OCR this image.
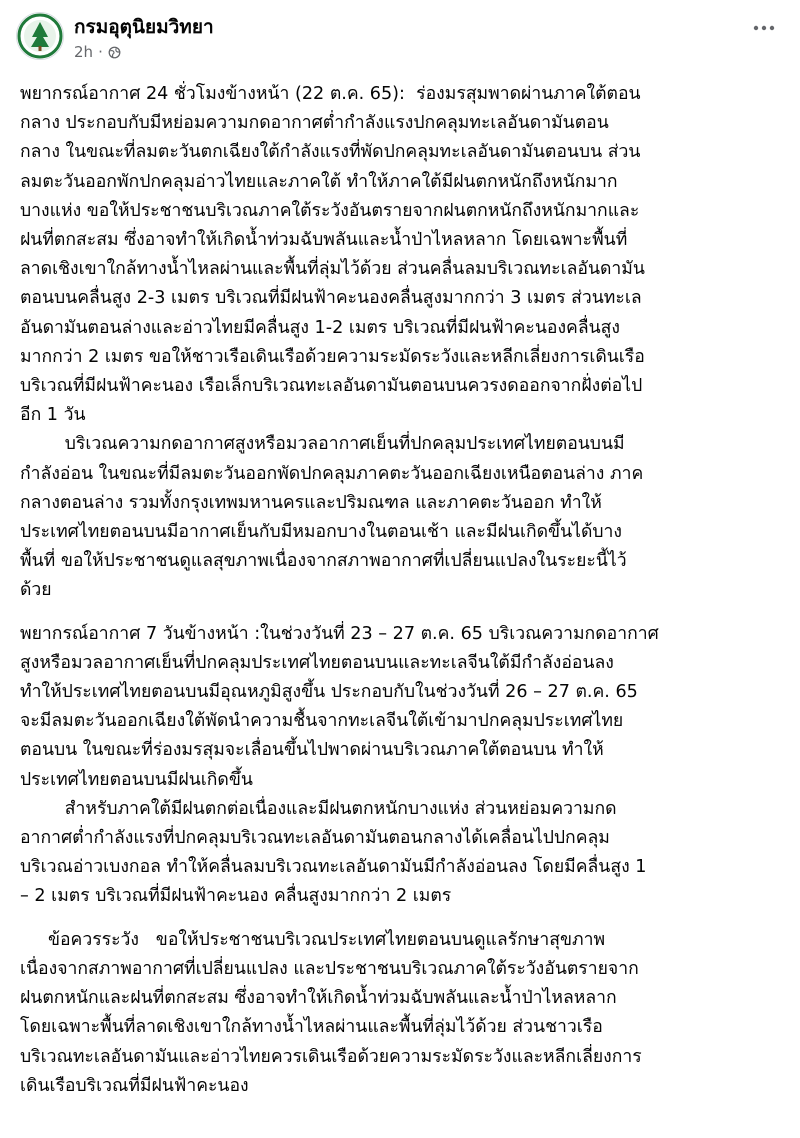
กรมอุตุนิยมวิทยา
2h ·
พยากรณ์อากาศ 24 ชั่วโมงข้างหน้า (22 ต.ค. 65):  ร่องมรสุมพาดผ่านภาคใต้ตอน
กลาง ประกอบกับมีหย่อมความกดอากาศต่ำกำลังแรงปกคลุมทะเลอันดามันตอน
กลาง ในขณะที่ลมตะวันตกเฉียงใต้กำลังแรงที่พัดปกคลุมทะเลอันดามันตอนบน ส่วน
ลมตะวันออกพักปกคลุมอ่าวไทยและภาคใต้ ทำให้ภาคใต้มีฝนตกหนักถึงหนักมาก
บางแห่ง ขอให้ประชาชนบริเวณภาคใต้ระวังอันตรายจากฝนตกหนักถึงหนักมากและ
ฝนที่ตกสะสม ซึ่งอาจทำให้เกิดน้ำท่วมฉับพลันและน้ำป่าไหลหลาก โดยเฉพาะพื้นที่
ลาดเชิงเขาใกล้ทางน้ำไหลผ่านและพื้นที่ลุ่มไว้ด้วย ส่วนคลื่นลมบริเวณทะเลอันดามัน
ตอนบนคลื่นสูง 2-3 เมตร บริเวณที่มีฝนฟ้าคะนองคลื่นสูงมากกว่า 3 เมตร ส่วนทะเล
อันดามันตอนล่างและอ่าวไทยมีคลื่นสูง 1-2 เมตร บริเวณที่มีฝนฟ้าคะนองคลื่นสูง
มากกว่า 2 เมตร ขอให้ชาวเรือเดินเรือด้วยความระมัดระวังและหลีกเลี่ยงการเดินเรือ
บริเวณที่มีฝนฟ้าคะนอง เรือเล็กบริเวณทะเลอันดามันตอนบนควรงดออกจากฝั่งต่อไป
อีก 1 วัน
บริเวณความกดอากาศสูงหรือมวลอากาศเย็นที่ปกคลุมประเทศไทยตอนบนมี
กำลังอ่อน ในขณะที่มีลมตะวันออกพัดปกคลุมภาคตะวันออกเฉียงเหนือตอนล่าง ภาค
กลางตอนล่าง รวมทั้งกรุงเทพมหานครและปริมณฑล และภาคตะวันออก ทำให้
ประเทศไทยตอนบนมีอากาศเย็นกับมีหมอกบางในตอนเช้า และมีฝนเกิดขึ้นได้บาง
พื้นที่ ขอให้ประชาชนดูแลสุขภาพเนื่องจากสภาพอากาศที่เปลี่ยนแปลงในระยะนี้ไว้
ด้วย
พยากรณ์อากาศ 7 วันข้างหน้า :ในช่วงวันที่ 23 – 27 ต.ค. 65 บริเวณความกดอากาศ
สูงหรือมวลอากาศเย็นที่ปกคลุมประเทศไทยตอนบนและทะเลจีนใต้มีกำลังอ่อนลง
ทำให้ประเทศไทยตอนบนมีอุณหภูมิสูงขึ้น ประกอบกับในช่วงวันที่ 26 – 27 ต.ค. 65
จะมีลมตะวันออกเฉียงใต้พัดนำความชื้นจากทะเลจีนใต้เข้ามาปกคลุมประเทศไทย
ตอนบน ในขณะที่ร่องมรสุมจะเลื่อนขึ้นไปพาดผ่านบริเวณภาคใต้ตอนบน ทำให้
ประเทศไทยตอนบนมีฝนเกิดขึ้น
สำหรับภาคใต้มีฝนตกต่อเนื่องและมีฝนตกหนักบางแห่ง ส่วนหย่อมความกด
อากาศต่ำกำลังแรงที่ปกคลุมบริเวณทะเลอันดามันตอนกลางได้เคลื่อนไปปกคลุม
บริเวณอ่าวเบงกอล ทำให้คลื่นลมบริเวณทะเลอันดามันมีกำลังอ่อนลง โดยมีคลื่นสูง 1
– 2 เมตร บริเวณที่มีฝนฟ้าคะนอง คลื่นสูงมากกว่า 2 เมตร
ข้อควรระวัง   ขอให้ประชาชนบริเวณประเทศไทยตอนบนดูแลรักษาสุขภาพ
เนื่องจากสภาพอากาศที่เปลี่ยนแปลง และประชาชนบริเวณภาคใต้ระวังอันตรายจาก
ฝนตกหนักและฝนที่ตกสะสม ซึ่งอาจทำให้เกิดน้ำท่วมฉับพลันและน้ำป่าไหลหลาก
โดยเฉพาะพื้นที่ลาดเชิงเขาใกล้ทางน้ำไหลผ่านและพื้นที่ลุ่มไว้ด้วย ส่วนชาวเรือ
บริเวณทะเลอันดามันและอ่าวไทยควรเดินเรือด้วยความระมัดระวังและหลีกเลี่ยงการ
เดินเรือบริเวณที่มีฝนฟ้าคะนอง
